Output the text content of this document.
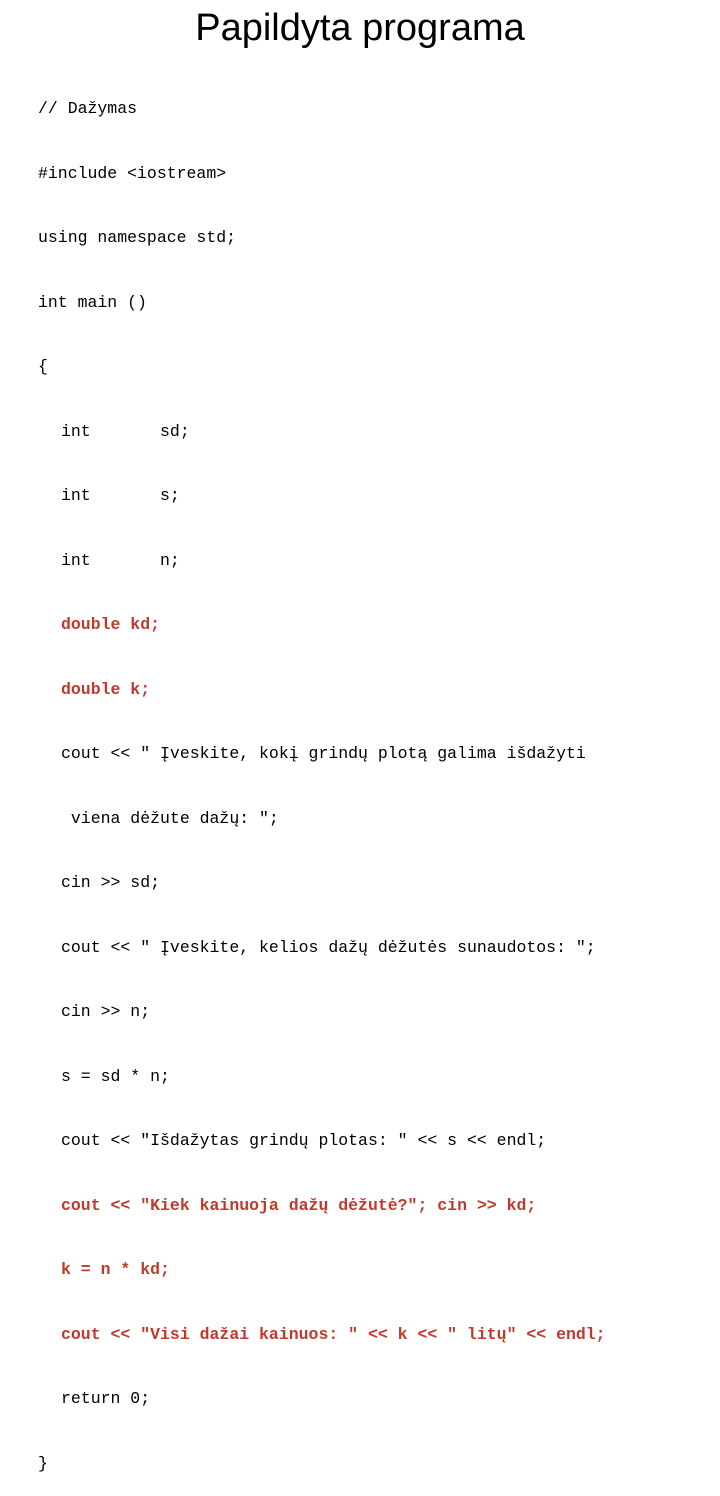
Papildyta programa

// Dažymas

#include <iostream>

using namespace std;

int main ()

{

int       sd;

int       s;

int       n;

double kd;

double k;

cout << " Įveskite, kokį grindų plotą galima išdažyti

viena dėžute dažų: ";

cin >> sd;

cout << " Įveskite, kelios dažų dėžutės sunaudotos: ";

cin >> n;

s = sd * n;

cout << "Išdažytas grindų plotas: " << s << endl;

cout << "Kiek kainuoja dažų dėžutė?"; cin >> kd;

k = n * kd;

cout << "Visi dažai kainuos: " << k << " litų" << endl;

return 0;

}
